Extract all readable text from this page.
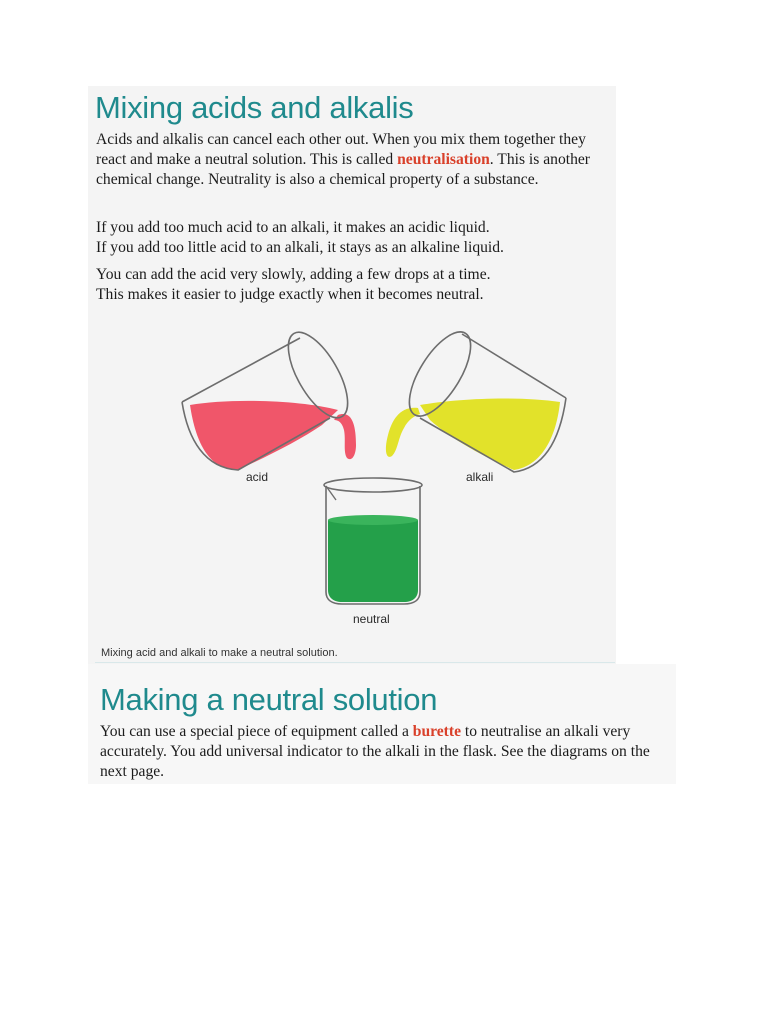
Mixing acids and alkalis

Acids and alkalis can cancel each other out. When you mix them together they react and make a neutral solution. This is called neutralisation. This is another chemical change. Neutrality is also a chemical property of a substance.

If you add too much acid to an alkali, it makes an acidic liquid.
If you add too little acid to an alkali, it stays as an alkaline liquid.

You can add the acid very slowly, adding a few drops at a time.
This makes it easier to judge exactly when it becomes neutral.

acid	alkali
neutral
Mixing acid and alkali to make a neutral solution.
Making a neutral solution

You can use a special piece of equipment called a burette to neutralise an alkali very accurately. You add universal indicator to the alkali in the flask. See the diagrams on the next page.
